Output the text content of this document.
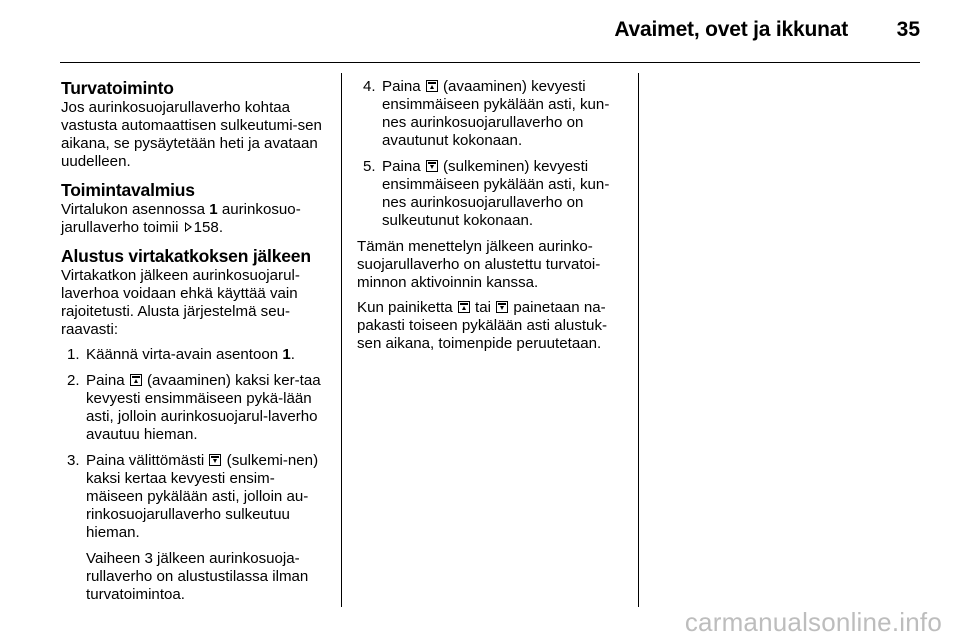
Avaimet, ovet ja ikkunat 35
Turvatoiminto

Jos aurinkosuojarullaverho kohtaa vastusta automaattisen sulkeutumi-sen aikana, se pysäytetään heti ja avataan uudelleen.

Toimintavalmius

Virtalukon asennossa 1 aurinkosuo-jarullaverho toimii 158.

Alustus virtakatkoksen jälkeen

Virtakatkon jälkeen aurinkosuojarul-laverhoa voidaan ehkä käyttää vain rajoitetusti. Alusta järjestelmä seu-raavasti:

1. Käännä virta-avain asentoon 1.
2. Paina  (avaaminen) kaksi ker-taa kevyesti ensimmäiseen pykä-lään asti, jolloin aurinkosuojarul-laverho avautuu hieman.
3. Paina välittömästi  (sulkemi-nen) kaksi kertaa kevyesti ensim-mäiseen pykälään asti, jolloin au-rinkosuojarullaverho sulkeutuu hieman.

Vaiheen 3 jälkeen aurinkosuoja-rullaverho on alustustilassa ilman turvatoimintoa.

4. Paina  (avaaminen) kevyesti ensimmäiseen pykälään asti, kun-nes aurinkosuojarullaverho on avautunut kokonaan.
5. Paina  (sulkeminen) kevyesti ensimmäiseen pykälään asti, kun-nes aurinkosuojarullaverho on sulkeutunut kokonaan.

Tämän menettelyn jälkeen aurinko-suojarullaverho on alustettu turvatoi-minnon aktivoinnin kanssa.

Kun painiketta  tai  painetaan na-pakasti toiseen pykälään asti alustuk-sen aikana, toimenpide peruutetaan.

carmanualsonline.info
